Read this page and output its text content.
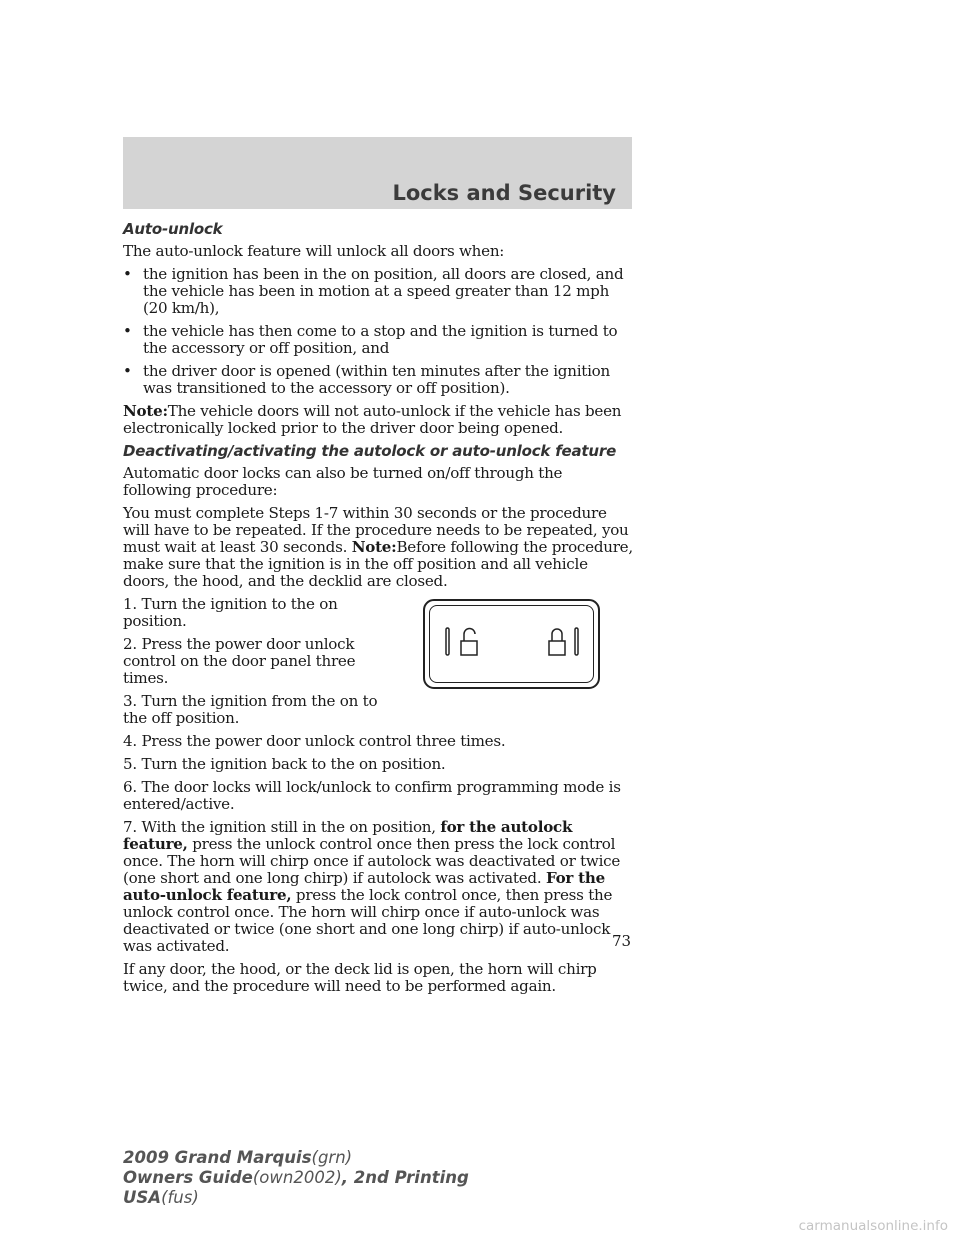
Locks and Security
Auto-unlock

The auto-unlock feature will unlock all doors when:

• the ignition has been in the on position, all doors are closed, and the vehicle has been in motion at a speed greater than 12 mph (20 km/h),
• the vehicle has then come to a stop and the ignition is turned to the accessory or off position, and
• the driver door is opened (within ten minutes after the ignition was transitioned to the accessory or off position).

Note:The vehicle doors will not auto-unlock if the vehicle has been electronically locked prior to the driver door being opened.

Deactivating/activating the autolock or auto-unlock feature

Automatic door locks can also be turned on/off through the following procedure:

You must complete Steps 1-7 within 30 seconds or the procedure will have to be repeated. If the procedure needs to be repeated, you must wait at least 30 seconds. Note:Before following the procedure, make sure that the ignition is in the off position and all vehicle doors, the hood, and the decklid are closed.

1. Turn the ignition to the on position.

2. Press the power door unlock control on the door panel three times.

3. Turn the ignition from the on to the off position.

4. Press the power door unlock control three times.

5. Turn the ignition back to the on position.

6. The door locks will lock/unlock to confirm programming mode is entered/active.

7. With the ignition still in the on position, for the autolock feature, press the unlock control once then press the lock control once. The horn will chirp once if autolock was deactivated or twice (one short and one long chirp) if autolock was activated. For the auto-unlock feature, press the lock control once, then press the unlock control once. The horn will chirp once if auto-unlock was deactivated or twice (one short and one long chirp) if auto-unlock was activated.

If any door, the hood, or the deck lid is open, the horn will chirp twice, and the procedure will need to be performed again.

73

2009 Grand Marquis(grn)
Owners Guide(own2002), 2nd Printing
USA(fus)
carmanualsonline.info
